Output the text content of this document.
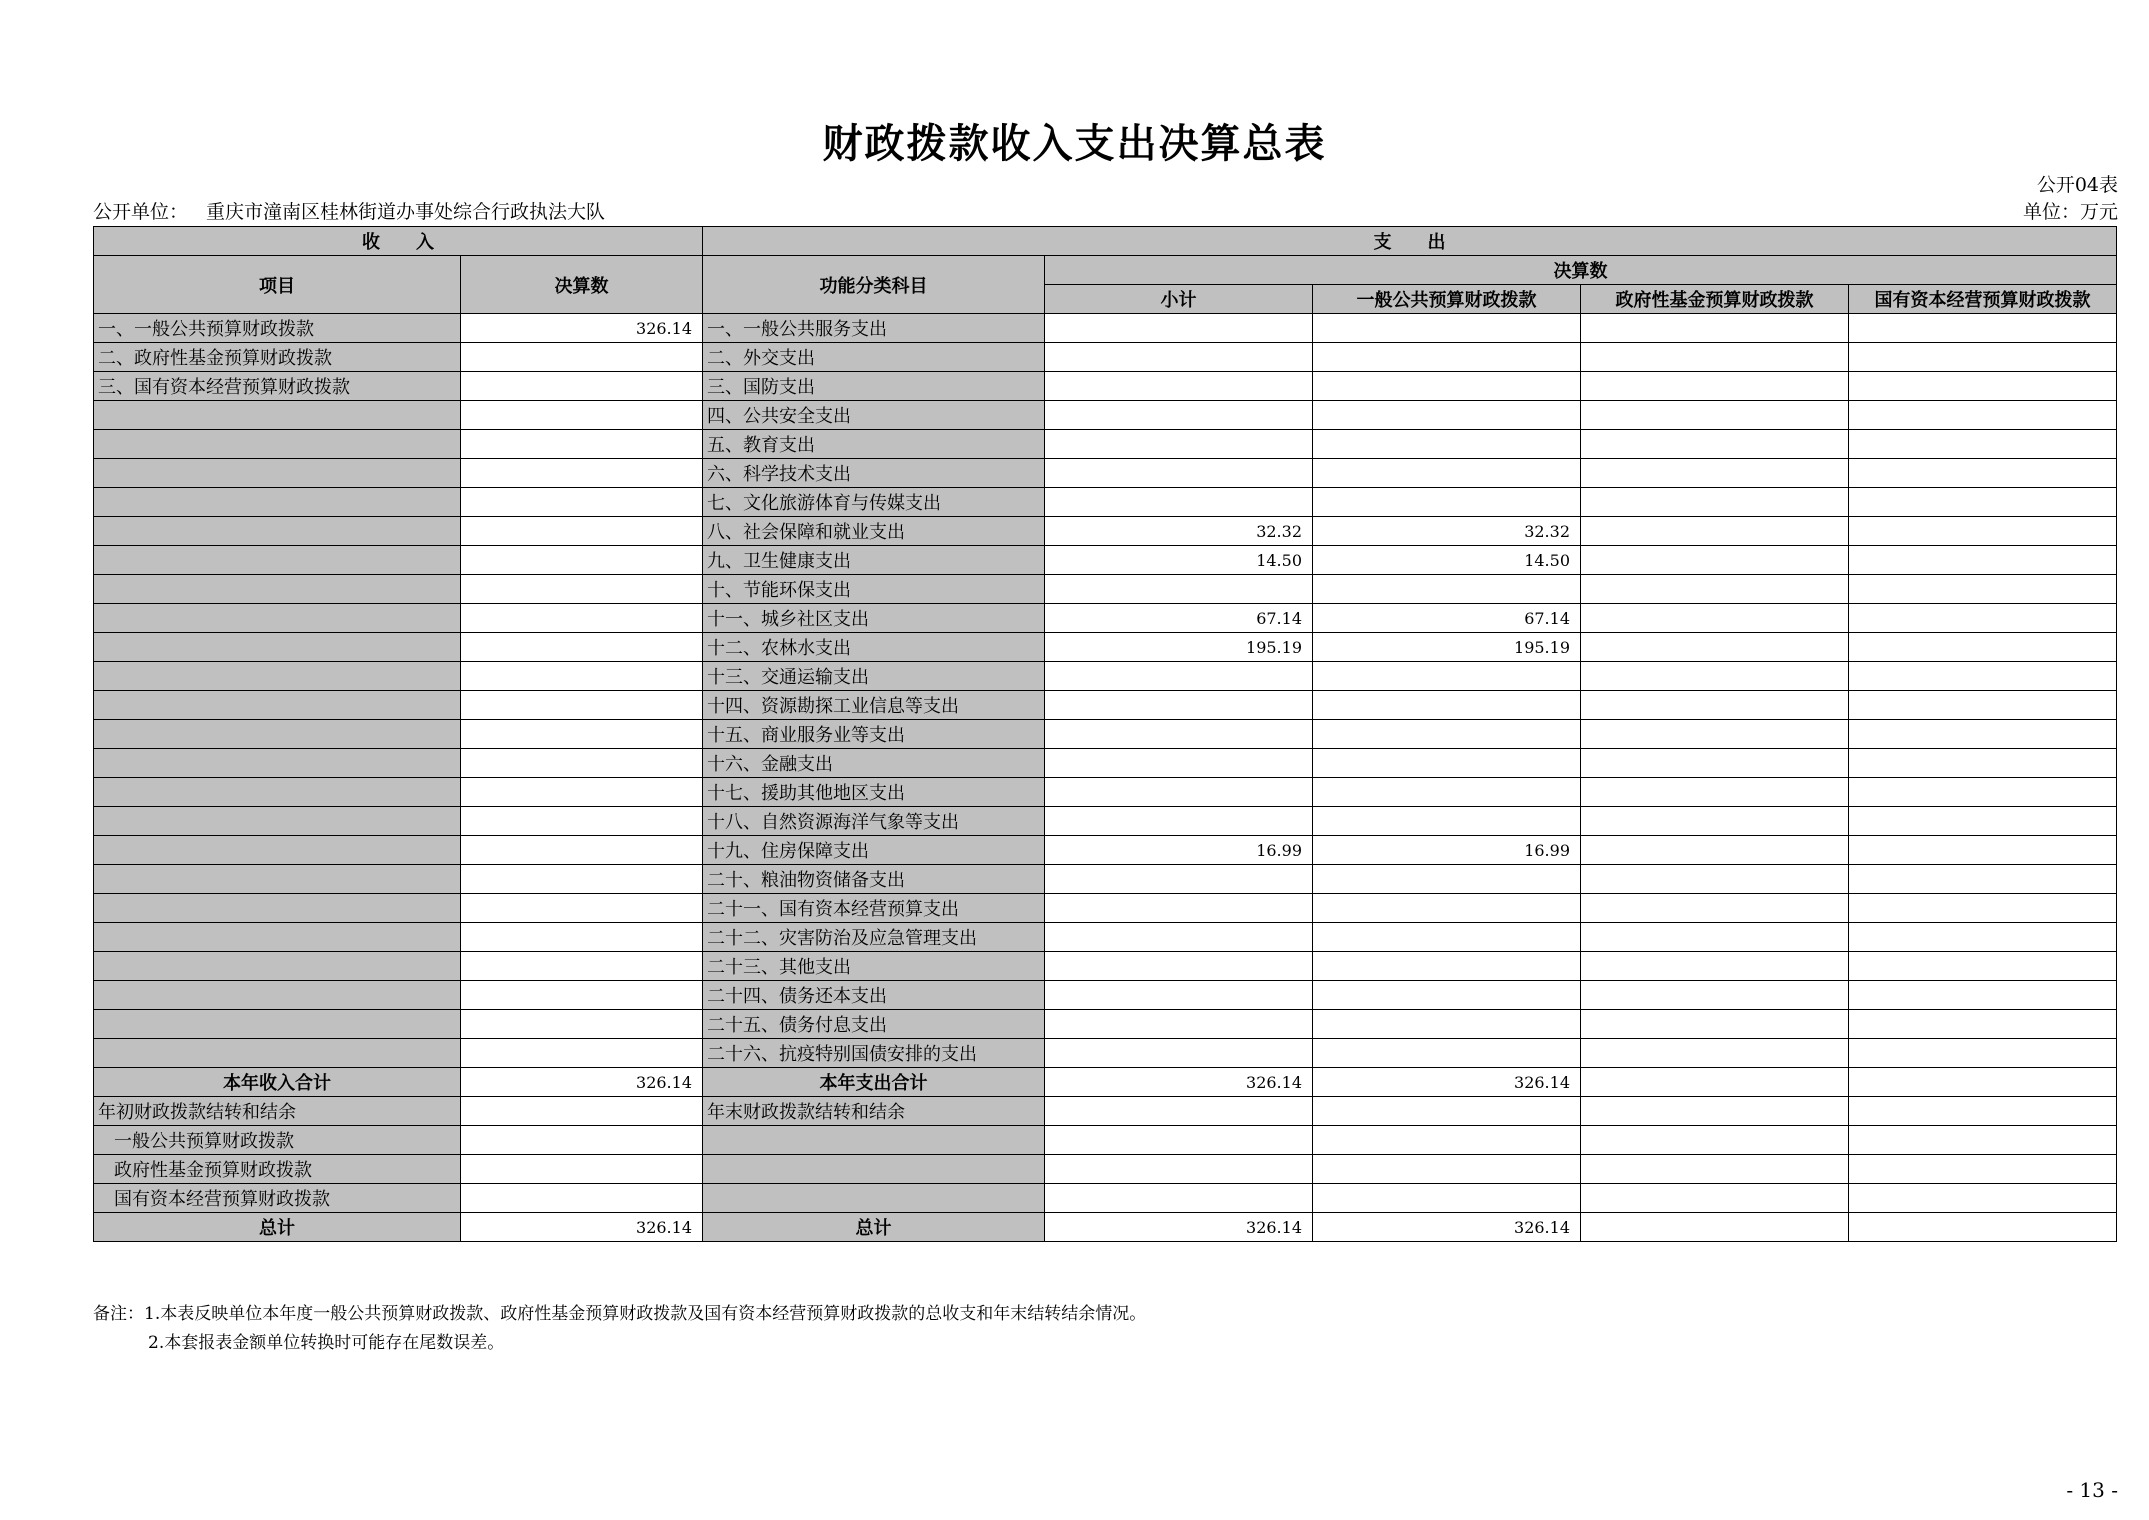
财政拨款收入支出决算总表
公开04表
公开单位： 重庆市潼南区桂林街道办事处综合行政执法大队	单位：万元
收　　入		支　　出				
项目	决算数	功能分类科目	决算数			
			小计	一般公共预算财政拨款	政府性基金预算财政拨款	国有资本经营预算财政拨款
一、一般公共预算财政拨款	326.14	一、一般公共服务支出				
二、政府性基金预算财政拨款		二、外交支出				
三、国有资本经营预算财政拨款		三、国防支出				
		四、公共安全支出				
		五、教育支出				
		六、科学技术支出				
		七、文化旅游体育与传媒支出				
		八、社会保障和就业支出	32.32	32.32		
		九、卫生健康支出	14.50	14.50		
		十、节能环保支出				
		十一、城乡社区支出	67.14	67.14		
		十二、农林水支出	195.19	195.19		
		十三、交通运输支出				
		十四、资源勘探工业信息等支出				
		十五、商业服务业等支出				
		十六、金融支出				
		十七、援助其他地区支出				
		十八、自然资源海洋气象等支出				
		十九、住房保障支出	16.99	16.99		
		二十、粮油物资储备支出				
		二十一、国有资本经营预算支出				
		二十二、灾害防治及应急管理支出				
		二十三、其他支出				
		二十四、债务还本支出				
		二十五、债务付息支出				
		二十六、抗疫特别国债安排的支出				
本年收入合计	326.14	本年支出合计	326.14	326.14		
年初财政拨款结转和结余		年末财政拨款结转和结余				
一般公共预算财政拨款						
政府性基金预算财政拨款						
国有资本经营预算财政拨款						
总计	326.14	总计	326.14	326.14		
备注：1.本表反映单位本年度一般公共预算财政拨款、政府性基金预算财政拨款及国有资本经营预算财政拨款的总收支和年末结转结余情况。
2.本套报表金额单位转换时可能存在尾数误差。
- 13 -
